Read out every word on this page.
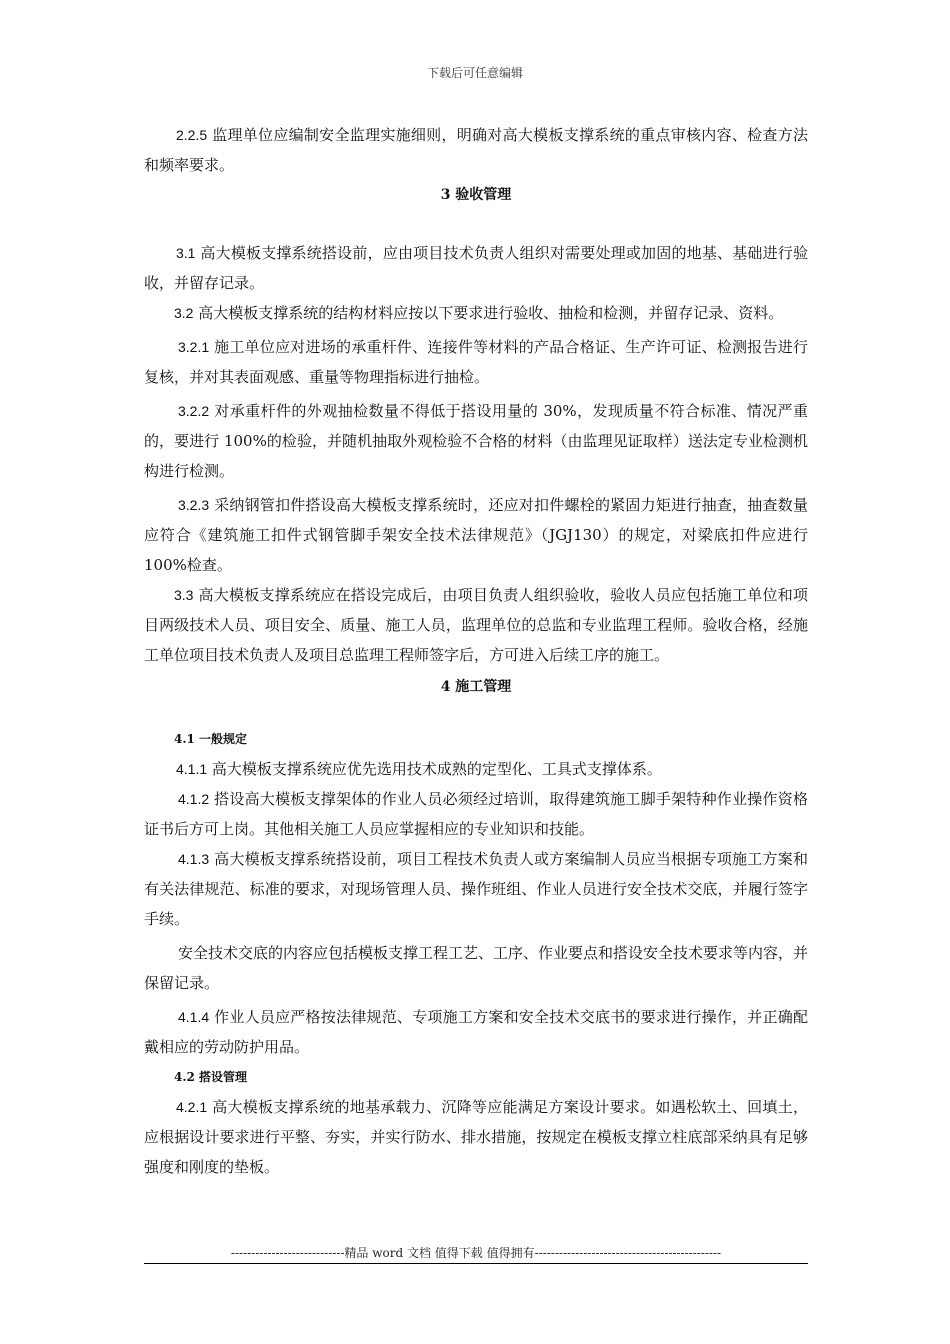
下载后可任意编辑

2.2.5 监理单位应编制安全监理实施细则，明确对高大模板支撑系统的重点审核内容、检查方法和频率要求。

3 验收管理

3.1 高大模板支撑系统搭设前，应由项目技术负责人组织对需要处理或加固的地基、基础进行验收，并留存记录。

3.2 高大模板支撑系统的结构材料应按以下要求进行验收、抽检和检测，并留存记录、资料。

3.2.1 施工单位应对进场的承重杆件、连接件等材料的产品合格证、生产许可证、检测报告进行复核，并对其表面观感、重量等物理指标进行抽检。

3.2.2 对承重杆件的外观抽检数量不得低于搭设用量的 30%，发现质量不符合标准、情况严重的，要进行 100%的检验，并随机抽取外观检验不合格的材料（由监理见证取样）送法定专业检测机构进行检测。

3.2.3 采纳钢管扣件搭设高大模板支撑系统时，还应对扣件螺栓的紧固力矩进行抽查，抽查数量应符合《建筑施工扣件式钢管脚手架安全技术法律规范》（JGJ130）的规定，对梁底扣件应进行 100%检查。

3.3 高大模板支撑系统应在搭设完成后，由项目负责人组织验收，验收人员应包括施工单位和项目两级技术人员、项目安全、质量、施工人员，监理单位的总监和专业监理工程师。验收合格，经施工单位项目技术负责人及项目总监理工程师签字后，方可进入后续工序的施工。

4 施工管理
4.1 一般规定

4.1.1 高大模板支撑系统应优先选用技术成熟的定型化、工具式支撑体系。

4.1.2 搭设高大模板支撑架体的作业人员必须经过培训，取得建筑施工脚手架特种作业操作资格证书后方可上岗。其他相关施工人员应掌握相应的专业知识和技能。

4.1.3 高大模板支撑系统搭设前，项目工程技术负责人或方案编制人员应当根据专项施工方案和有关法律规范、标准的要求，对现场管理人员、操作班组、作业人员进行安全技术交底，并履行签字手续。

安全技术交底的内容应包括模板支撑工程工艺、工序、作业要点和搭设安全技术要求等内容，并保留记录。

4.1.4 作业人员应严格按法律规范、专项施工方案和安全技术交底书的要求进行操作，并正确配戴相应的劳动防护用品。

4.2 搭设管理

4.2.1 高大模板支撑系统的地基承载力、沉降等应能满足方案设计要求。如遇松软土、回填土，应根据设计要求进行平整、夯实，并实行防水、排水措施，按规定在模板支撑立柱底部采纳具有足够强度和刚度的垫板。

----------------------------精品 word 文档 值得下载 值得拥有----------------------------------------------
